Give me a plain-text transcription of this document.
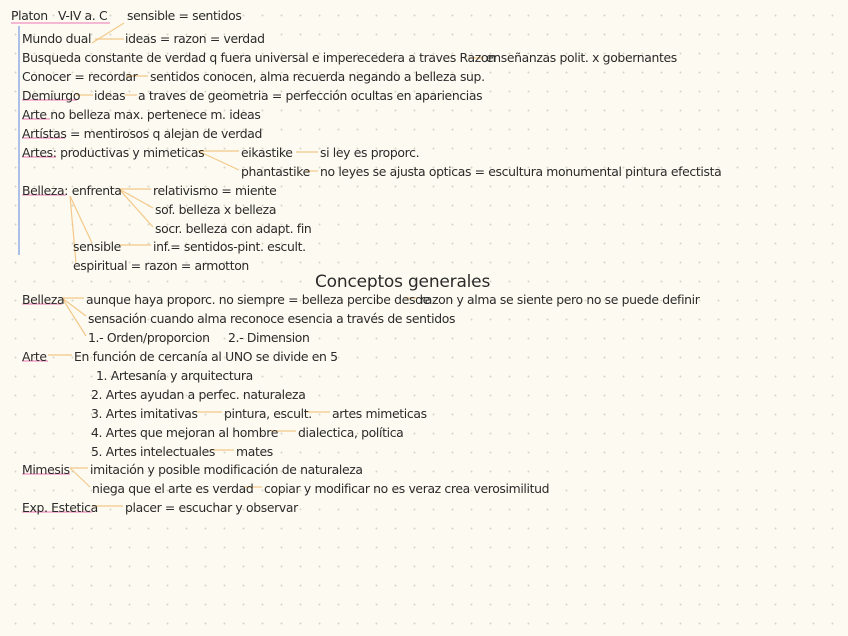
Platon V-IV a. C sensible = sentidos
Mundo dual	ideas = razon = verdad
Busqueda constante de verdad q fuera universal e imperecedera a traves Razon
enseñanzas polit. x gobernantes
Conocer = recordar sentidos conocen, alma recuerda negando a belleza sup.
Demiurgo ideas a traves de geometria = perfección ocultas en apariencias
Arte no belleza max. pertenece m. ideas
Artístas = mentirosos q alejan de verdad
Artes: productivas y mimeticas	eikastike si ley es proporc.
phantastike no leyes se ajusta opticas = escultura monumental pintura efectista
Belleza: enfrenta	relativismo = miente
sof. belleza x belleza
socr. belleza con adapt. fin
sensible	inf.= sentidos-pint. escult.
espiritual = razon = armotton
Conceptos generales
Belleza aunque haya proporc. no siempre = belleza percibe desde
razon y alma se siente pero no se puede definir
sensación cuando alma reconoce esencia a través de sentidos
1.- Orden/proporcion 2.- Dimension
Arte En función de cercanía al UNO se divide en 5
1. Artesanía y arquitectura
2. Artes ayudan a perfec. naturaleza
3. Artes imitativas pintura, escult. artes mimeticas
4. Artes que mejoran al hombre dialectica, política
5. Artes intelectuales mates
Mimesis imitación y posible modificación de naturaleza
niega que el arte es verdad copiar y modificar no es veraz crea verosimilitud
Exp. Estetica placer = escuchar y observar
